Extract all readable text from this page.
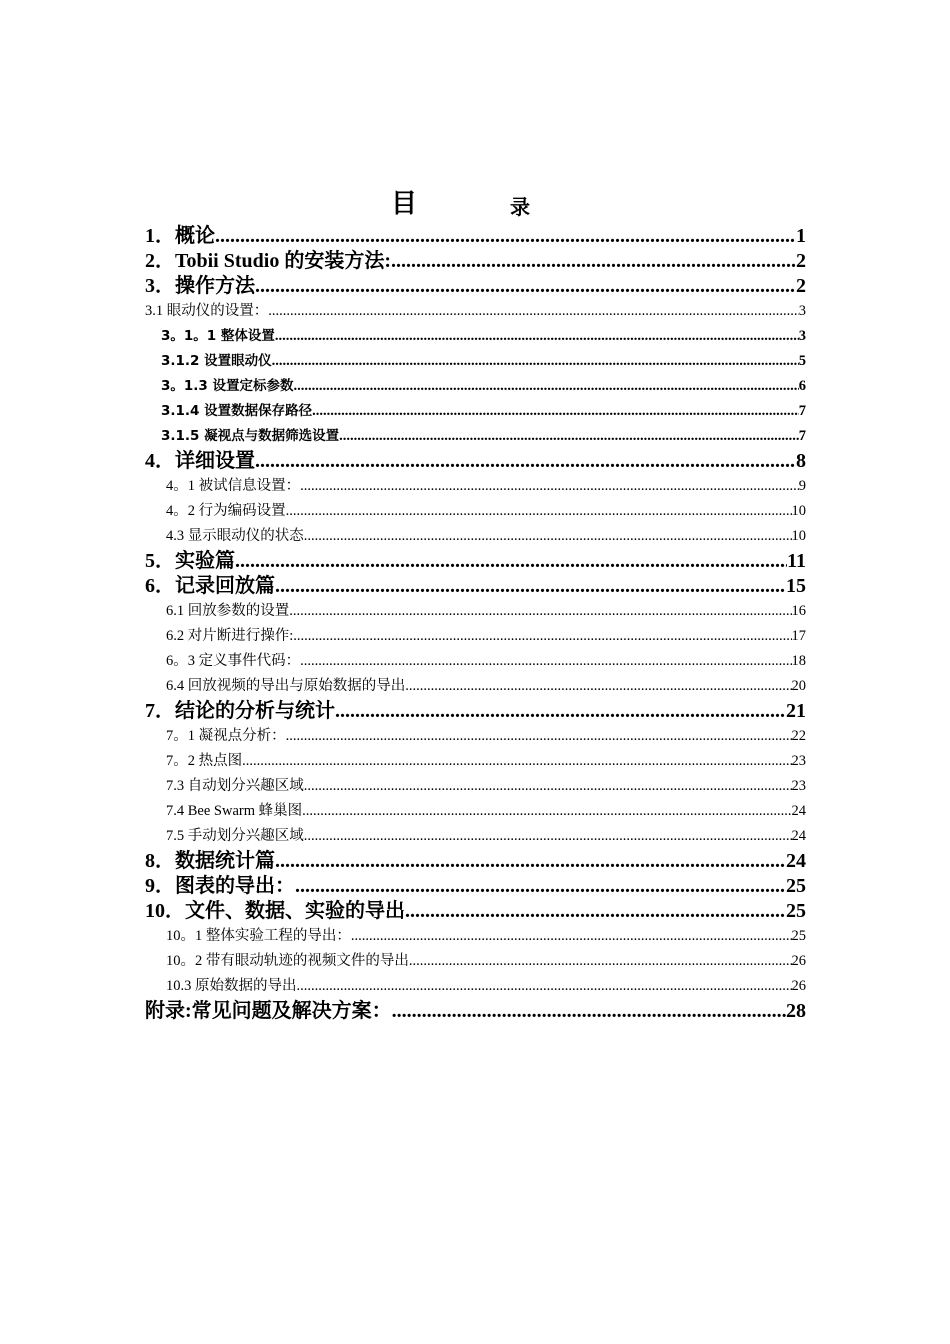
目	录
1．概论 .....	1
2．Tobii Studio 的安装方法: .....	2
3．操作方法 .....	2
3.1 眼动仪的设置： .....	3
3。1。1 整体设置 .....	3
3.1.2 设置眼动仪 .....	5
3。1.3 设置定标参数 .....	6
3.1.4 设置数据保存路径 .....	7
3.1.5 凝视点与数据筛选设置 .....	7
4．详细设置 .....	8
4。1 被试信息设置： .....	9
4。2 行为编码设置 .....	10
4.3 显示眼动仪的状态 .....	10
5．实验篇 .....	11
6．记录回放篇 .....	15
6.1 回放参数的设置 .....	16
6.2 对片断进行操作: .....	17
6。3 定义事件代码： .....	18
6.4 回放视频的导出与原始数据的导出 .....	20
7．结论的分析与统计 .....	21
7。1 凝视点分析： .....	22
7。2 热点图 .....	23
7.3 自动划分兴趣区域 .....	23
7.4 Bee Swarm 蜂巢图 .....	24
7.5 手动划分兴趣区域 .....	24
8．数据统计篇 .....	24
9．图表的导出： .....	25
10．文件、数据、实验的导出 .....	25
10。1 整体实验工程的导出： .....	25
10。2 带有眼动轨迹的视频文件的导出 .....	26
10.3 原始数据的导出 .....	26
附录:常见问题及解决方案： .....	28
